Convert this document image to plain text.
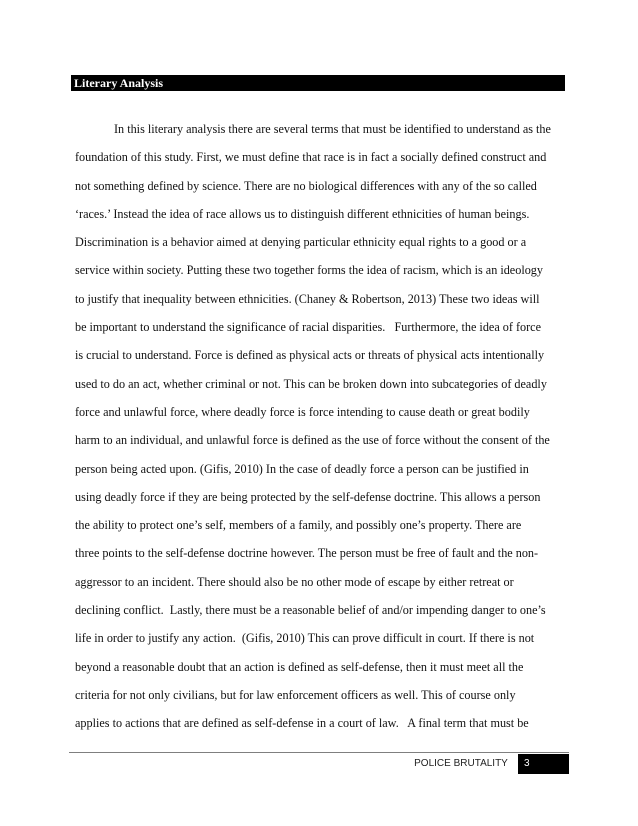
Literary Analysis
In this literary analysis there are several terms that must be identified to understand as the
foundation of this study. First, we must define that race is in fact a socially defined construct and
not something defined by science. There are no biological differences with any of the so called
‘races.’ Instead the idea of race allows us to distinguish different ethnicities of human beings.
Discrimination is a behavior aimed at denying particular ethnicity equal rights to a good or a
service within society. Putting these two together forms the idea of racism, which is an ideology
to justify that inequality between ethnicities. (Chaney & Robertson, 2013) These two ideas will
be important to understand the significance of racial disparities.   Furthermore, the idea of force
is crucial to understand. Force is defined as physical acts or threats of physical acts intentionally
used to do an act, whether criminal or not. This can be broken down into subcategories of deadly
force and unlawful force, where deadly force is force intending to cause death or great bodily
harm to an individual, and unlawful force is defined as the use of force without the consent of the
person being acted upon. (Gifis, 2010) In the case of deadly force a person can be justified in
using deadly force if they are being protected by the self-defense doctrine. This allows a person
the ability to protect one’s self, members of a family, and possibly one’s property. There are
three points to the self-defense doctrine however. The person must be free of fault and the non-
aggressor to an incident. There should also be no other mode of escape by either retreat or
declining conflict.  Lastly, there must be a reasonable belief of and/or impending danger to one’s
life in order to justify any action.  (Gifis, 2010) This can prove difficult in court. If there is not
beyond a reasonable doubt that an action is defined as self-defense, then it must meet all the
criteria for not only civilians, but for law enforcement officers as well. This of course only
applies to actions that are defined as self-defense in a court of law.   A final term that must be
POLICE BRUTALITY	3
